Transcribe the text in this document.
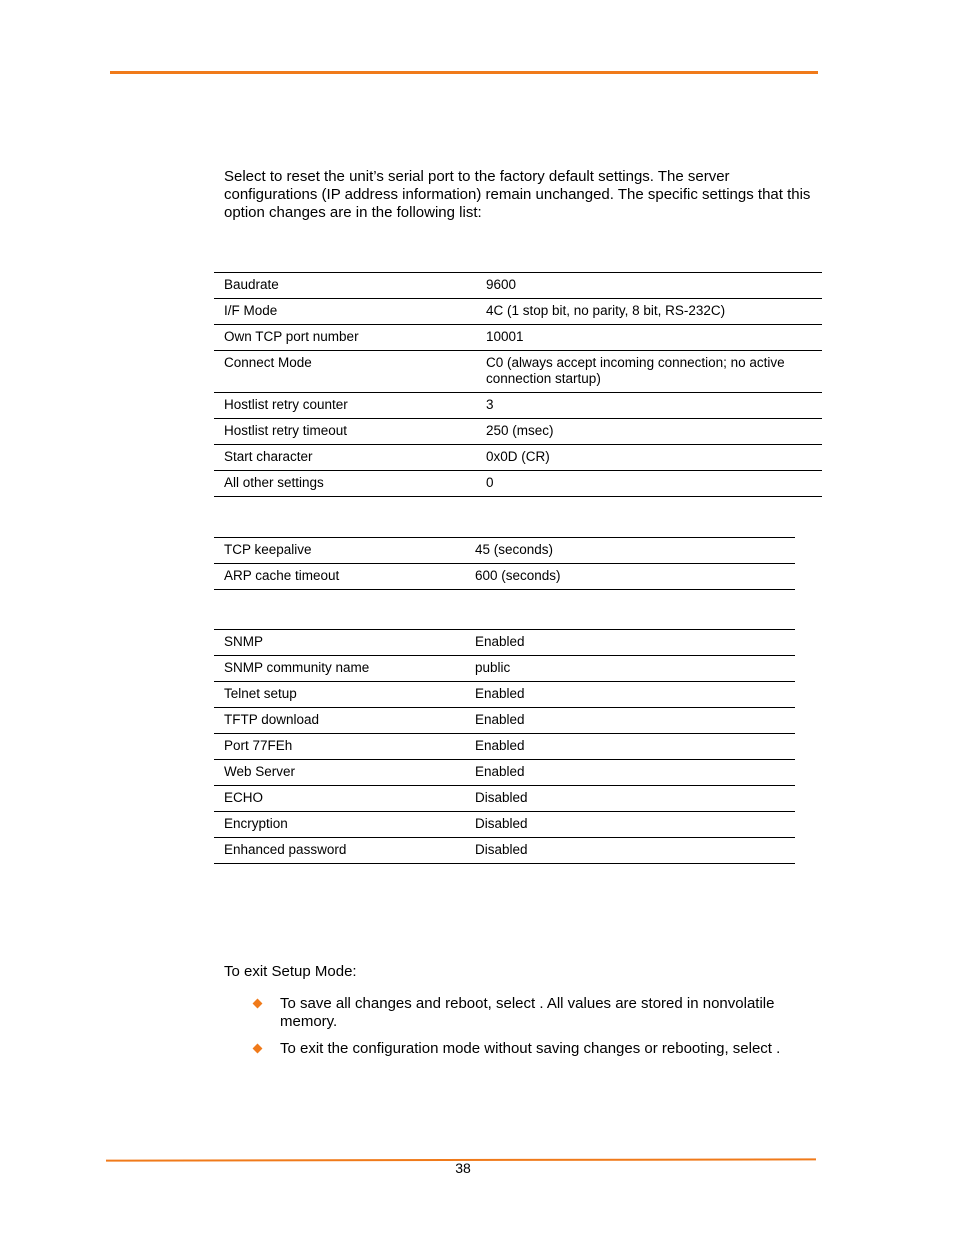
Select to reset the unit’s serial port to the factory default settings. The server configurations (IP address information) remain unchanged. The specific settings that this option changes are in the following list:

Baudrate	9600
I/F Mode	4C (1 stop bit, no parity, 8 bit, RS-232C)
Own TCP port number	10001
Connect Mode	C0 (always accept incoming connection; no active connection startup)
Hostlist retry counter	3
Hostlist retry timeout	250 (msec)
Start character	0x0D (CR)
All other settings	0
TCP keepalive	45 (seconds)
ARP cache timeout	600 (seconds)
SNMP	Enabled
SNMP community name	public
Telnet setup	Enabled
TFTP download	Enabled
Port 77FEh	Enabled
Web Server	Enabled
ECHO	Disabled
Encryption	Disabled
Enhanced password	Disabled

To exit Setup Mode:

To save all changes and reboot, select . All values are stored in nonvolatile memory.
To exit the configuration mode without saving changes or rebooting, select .
38
